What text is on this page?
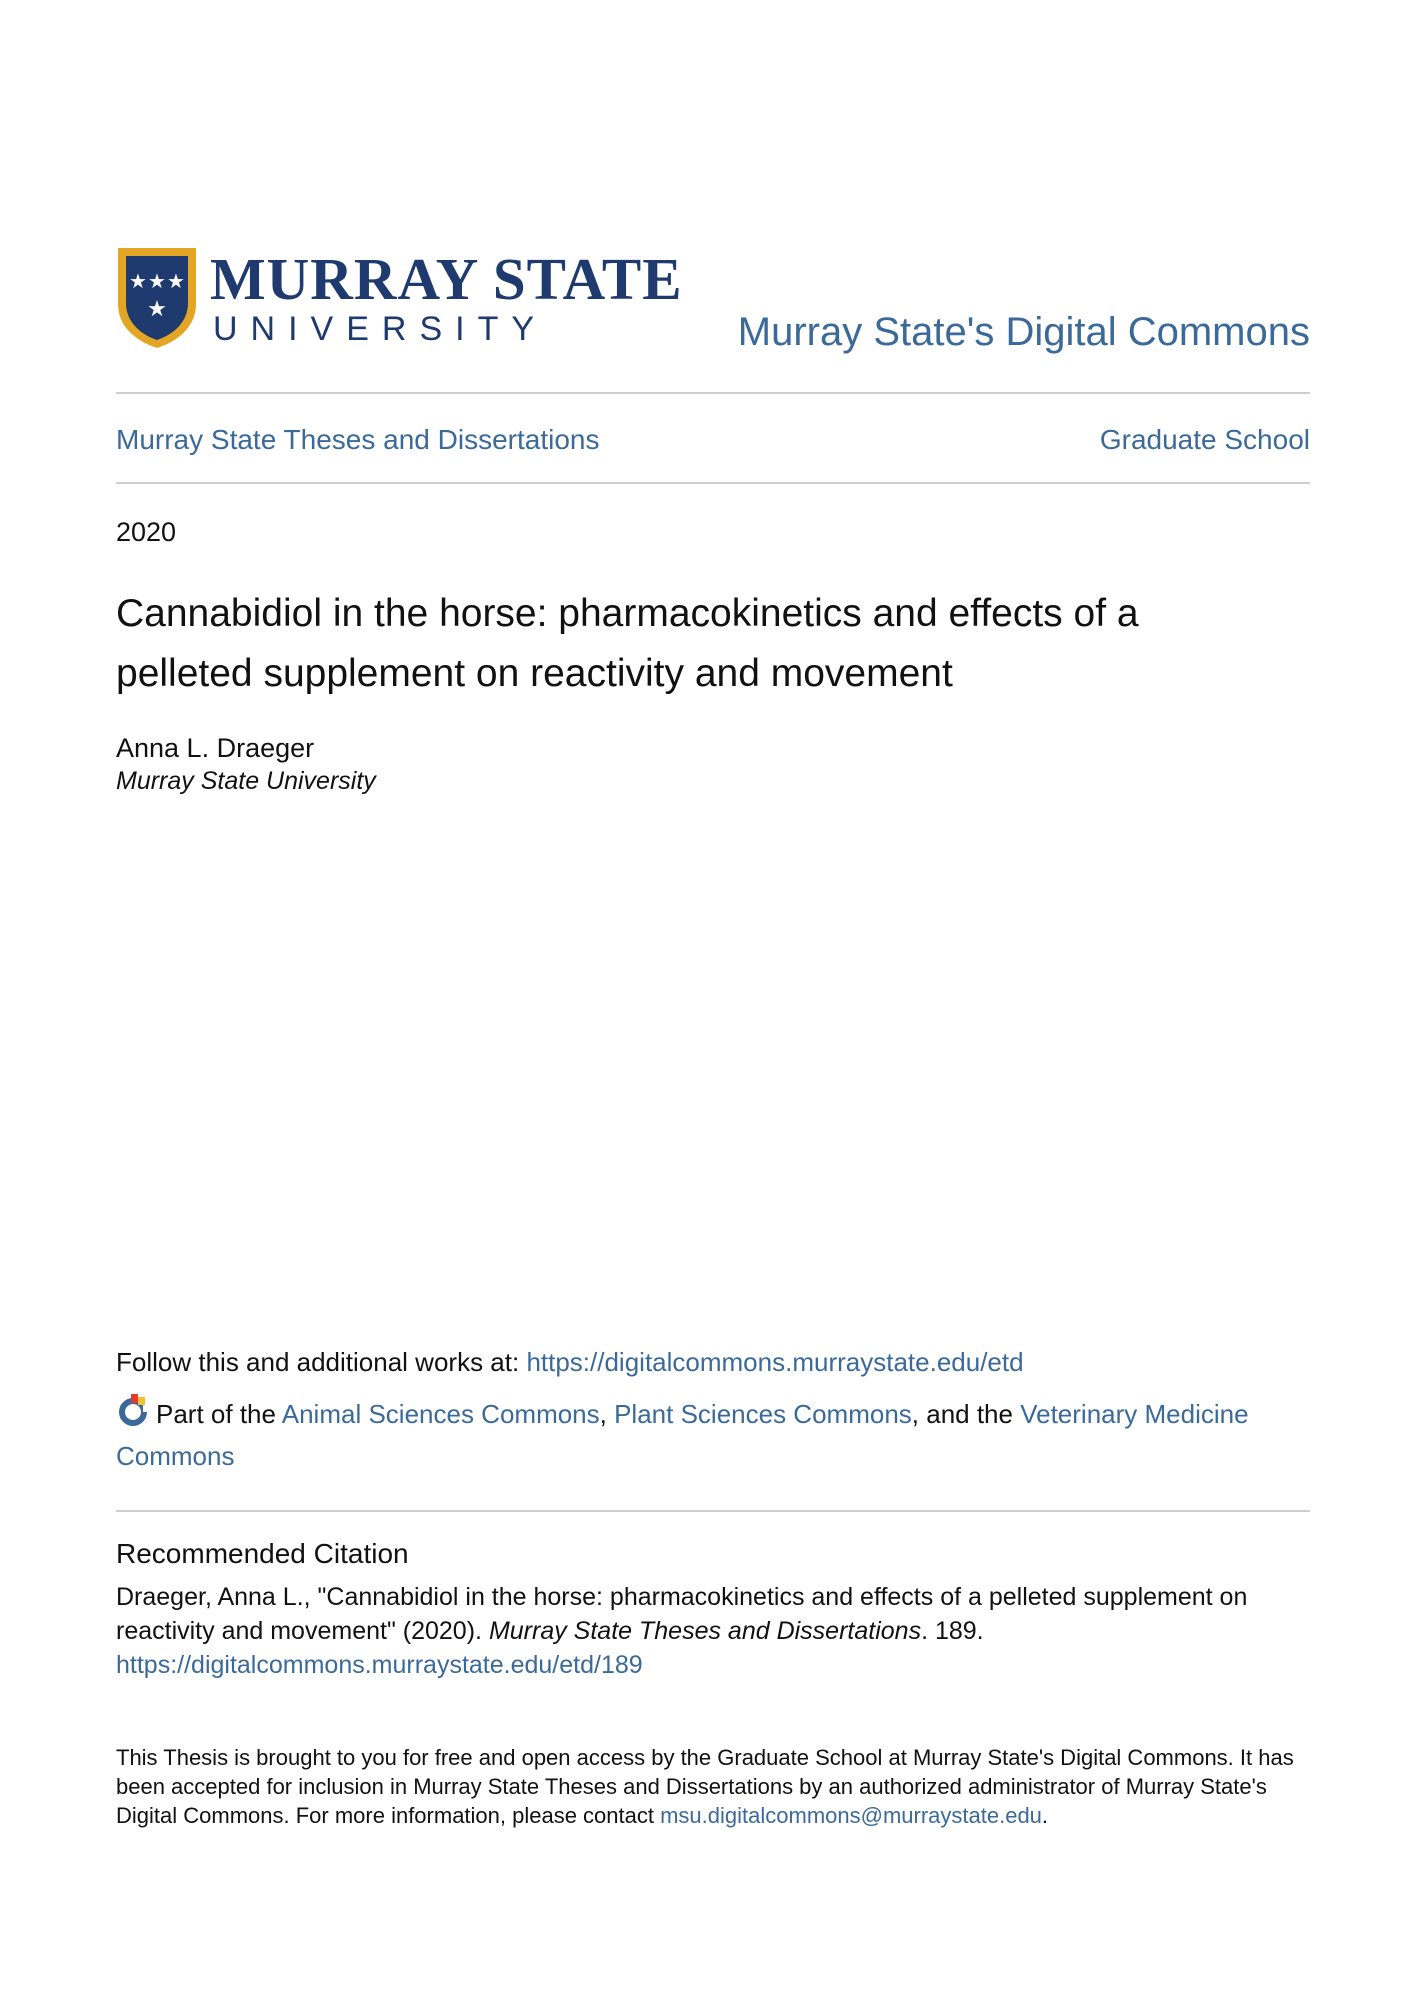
★ ★ ★
★ MURRAY STATE
UNIVERSITY	Murray State's Digital Commons
Murray State Theses and Dissertations	Graduate School
2020
Cannabidiol in the horse: pharmacokinetics and effects of a pelleted supplement on reactivity and movement
Anna L. Draeger
Murray State University
Follow this and additional works at: https://digitalcommons.murraystate.edu/etd
Part of the Animal Sciences Commons, Plant Sciences Commons, and the Veterinary Medicine Commons
Recommended Citation
Draeger, Anna L., "Cannabidiol in the horse: pharmacokinetics and effects of a pelleted supplement on reactivity and movement" (2020). Murray State Theses and Dissertations. 189.
https://digitalcommons.murraystate.edu/etd/189
This Thesis is brought to you for free and open access by the Graduate School at Murray State's Digital Commons. It has been accepted for inclusion in Murray State Theses and Dissertations by an authorized administrator of Murray State's Digital Commons. For more information, please contact msu.digitalcommons@murraystate.edu.
